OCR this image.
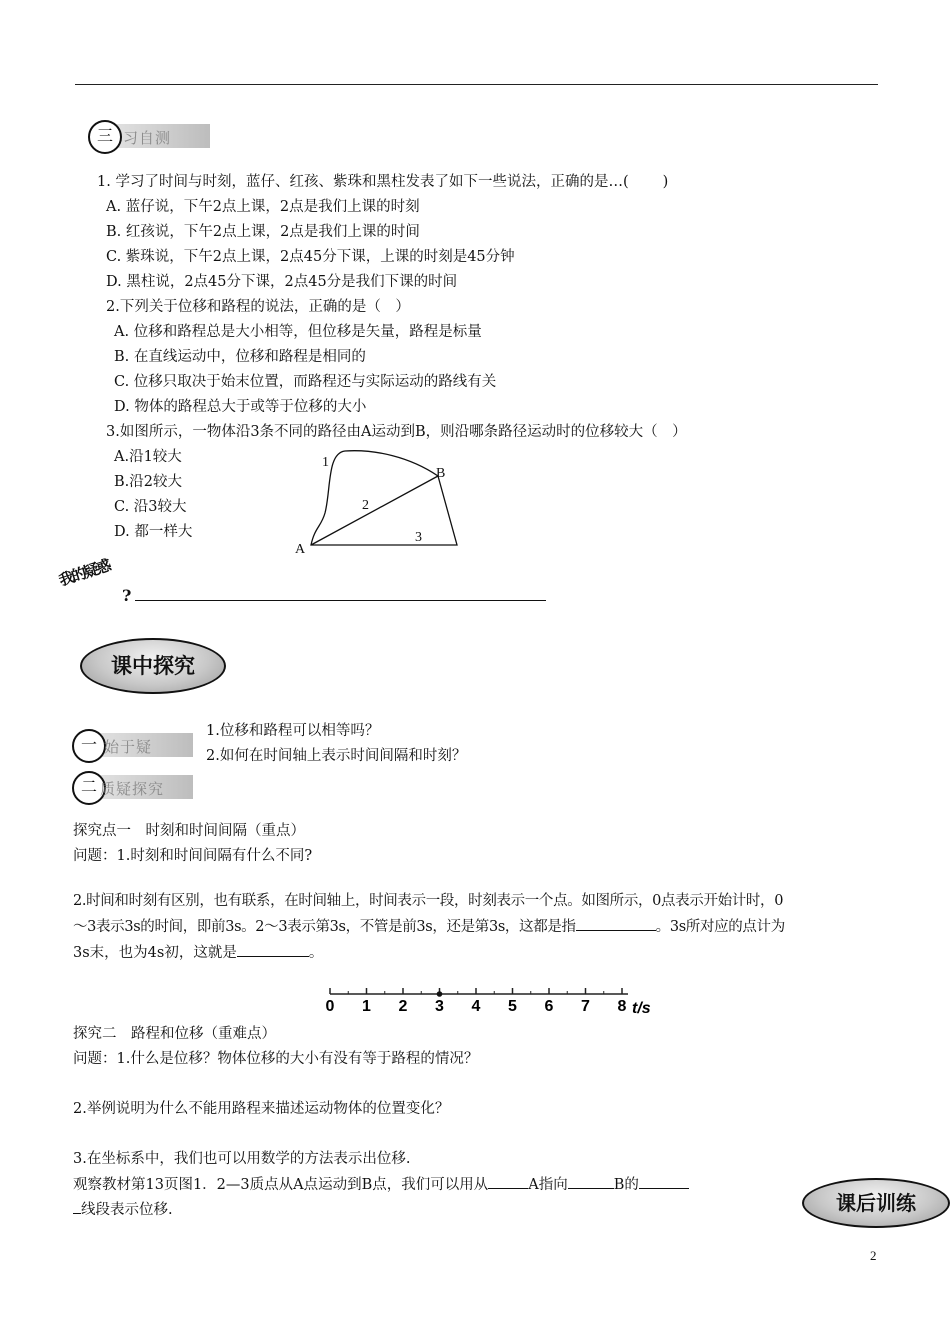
三 习自测
1. 学习了时间与时刻，蓝仔、红孩、紫珠和黑柱发表了如下一些说法，正确的是…( )
A. 蓝仔说，下午2点上课，2点是我们上课的时刻
B. 红孩说，下午2点上课，2点是我们上课的时间
C. 紫珠说，下午2点上课，2点45分下课，上课的时刻是45分钟
D. 黑柱说，2点45分下课，2点45分是我们下课的时间
2.下列关于位移和路程的说法，正确的是（　）
A. 位移和路程总是大小相等，但位移是矢量，路程是标量
B. 在直线运动中，位移和路程是相同的
C. 位移只取决于始末位置，而路程还与实际运动的路线有关
D. 物体的路程总大于或等于位移的大小
3.如图所示，一物体沿3条不同的路径由A运动到B，则沿哪条路径运动时的位移较大（　）
A.沿1较大
B.沿2较大
C. 沿3较大
D. 都一样大
A
B
1
2
3
我的疑惑
?
课中探究
一 始于疑
1.位移和路程可以相等吗？
2.如何在时间轴上表示时间间隔和时刻？
二 质疑探究
探究点一　时刻和时间间隔（重点）
问题：1.时刻和时间间隔有什么不同?
2.时间和时刻有区别，也有联系，在时间轴上，时间表示一段，时刻表示一个点。如图所示，0点表示开始计时，0
～3表示3s的时间，即前3s。2～3表示第3s，不管是前3s，还是第3s，这都是指	。3s所对应的点计为
3s末，也为4s初，这就是	。
0 1 2 3 4 5 6 7 8 t/s
探究二　路程和位移（重难点）
问题：1.什么是位移？物体位移的大小有没有等于路程的情况？
2.举例说明为什么不能用路程来描述运动物体的位置变化？
3.在坐标系中，我们也可以用数学的方法表示出位移.
观察教材第13页图1．2—3质点从A点运动到B点，我们可以用从	A指向	B的
线段表示位移.	课后训练
2
